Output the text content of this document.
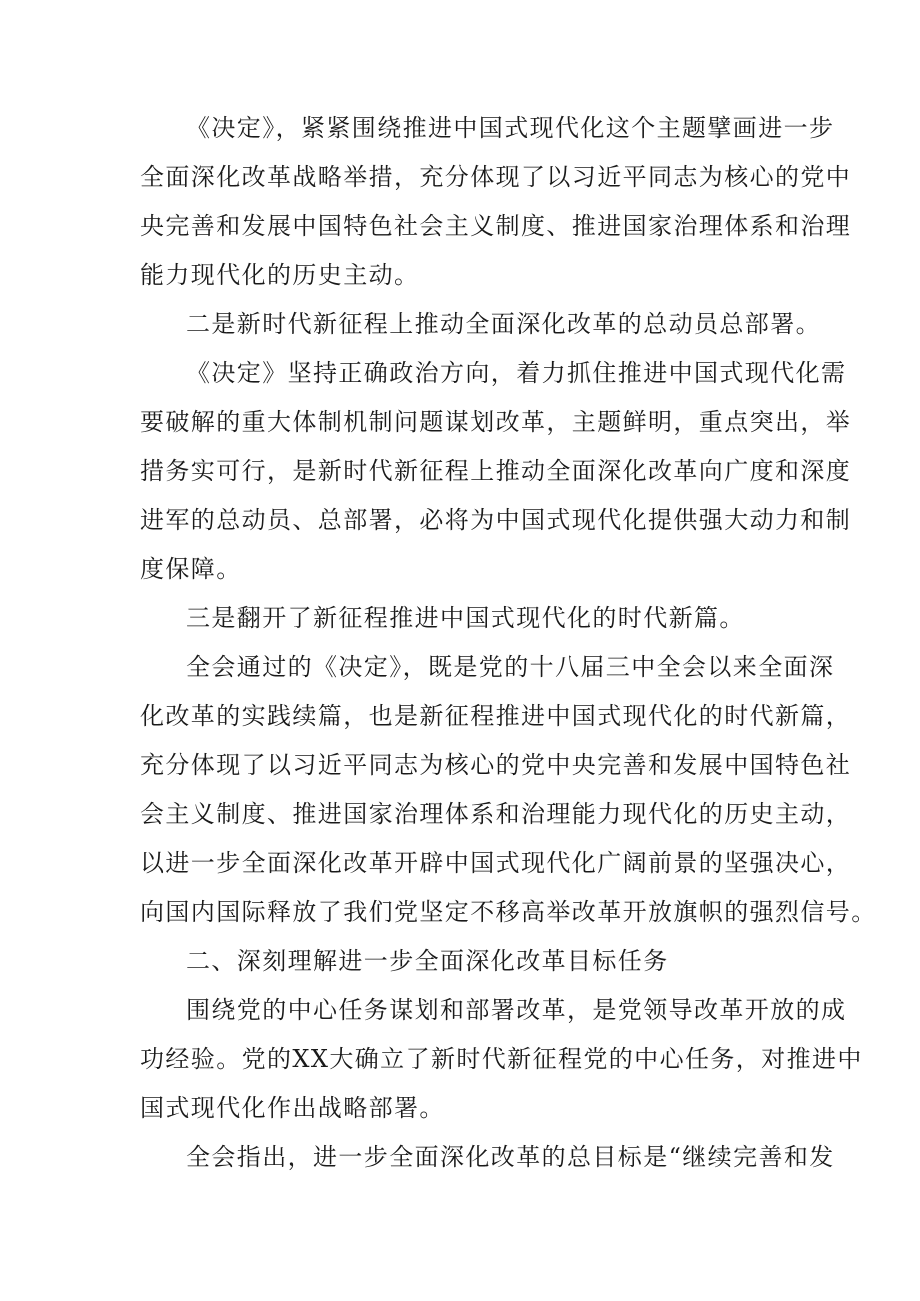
《决定》，紧紧围绕推进中国式现代化这个主题擘画进一步
全面深化改革战略举措，充分体现了以习近平同志为核心的党中
央完善和发展中国特色社会主义制度、推进国家治理体系和治理
能力现代化的历史主动。
二是新时代新征程上推动全面深化改革的总动员总部署。
《决定》坚持正确政治方向，着力抓住推进中国式现代化需
要破解的重大体制机制问题谋划改革，主题鲜明，重点突出，举
措务实可行，是新时代新征程上推动全面深化改革向广度和深度
进军的总动员、总部署，必将为中国式现代化提供强大动力和制
度保障。
三是翻开了新征程推进中国式现代化的时代新篇。
全会通过的《决定》，既是党的十八届三中全会以来全面深
化改革的实践续篇，也是新征程推进中国式现代化的时代新篇，
充分体现了以习近平同志为核心的党中央完善和发展中国特色社
会主义制度、推进国家治理体系和治理能力现代化的历史主动，
以进一步全面深化改革开辟中国式现代化广阔前景的坚强决心，
向国内国际释放了我们党坚定不移高举改革开放旗帜的强烈信号。
二、深刻理解进一步全面深化改革目标任务
围绕党的中心任务谋划和部署改革，是党领导改革开放的成
功经验。党的XX大确立了新时代新征程党的中心任务，对推进中
国式现代化作出战略部署。
全会指出，进一步全面深化改革的总目标是“继续完善和发
